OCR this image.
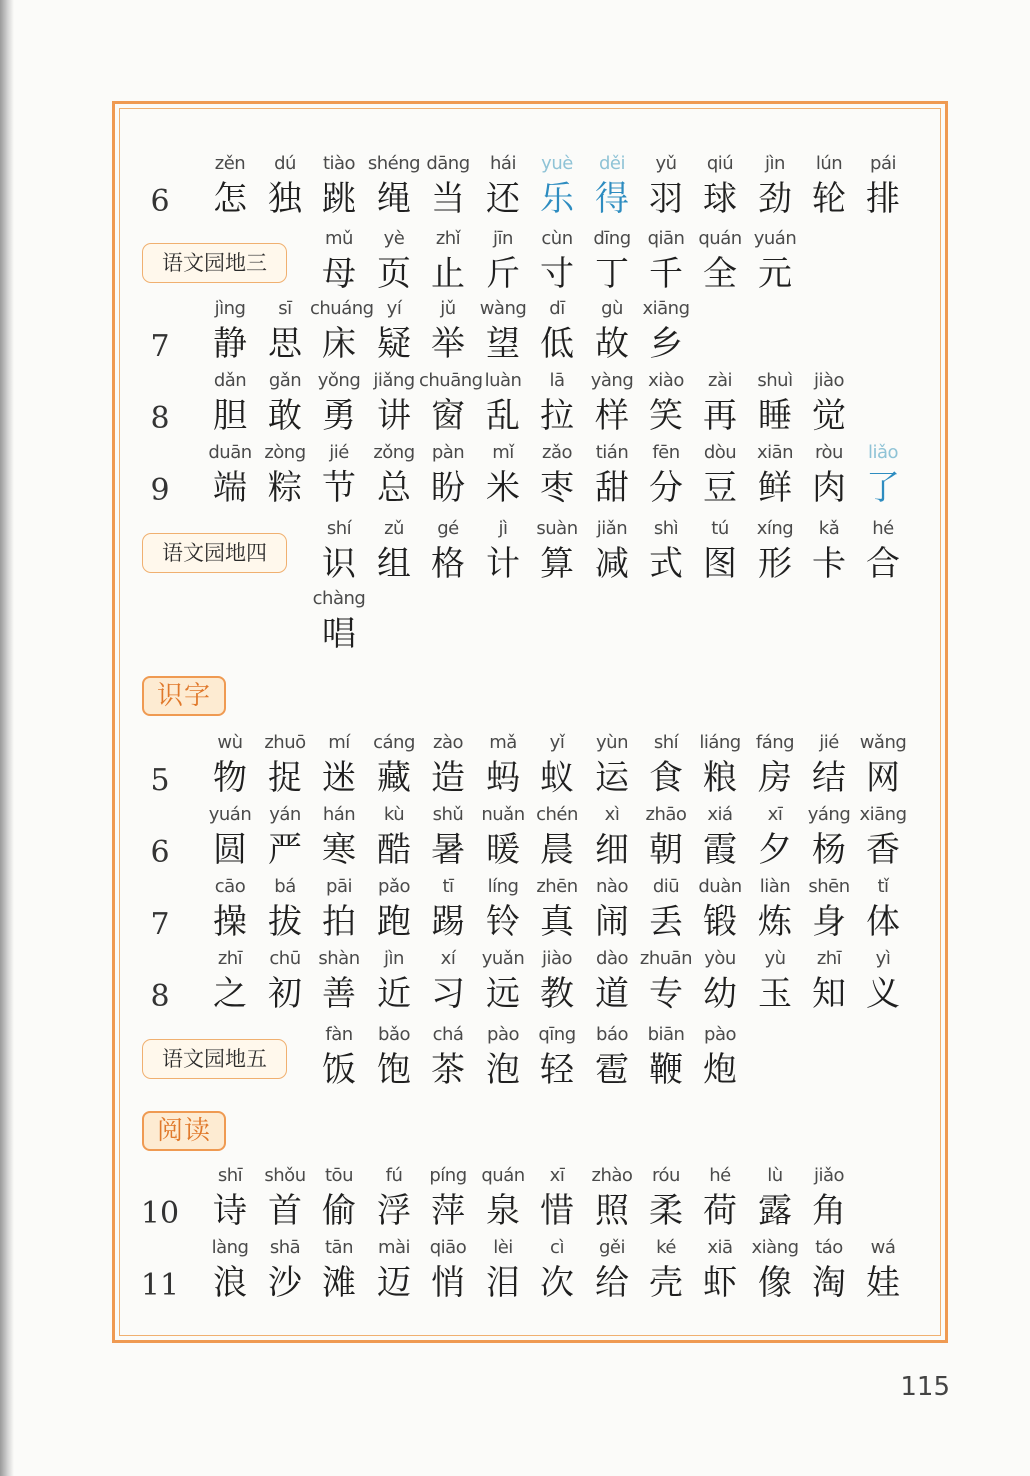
6
zěn
怎
dú
独
tiào
跳
shéng
绳
dāng
当
hái
还
yuè
乐
děi
得
yǔ
羽
qiú
球
jìn
劲
lún
轮
pái
排
语文园地三
mǔ
母
yè
页
zhǐ
止
jīn
斤
cùn
寸
dīng
丁
qiān
千
quán
全
yuán
元
7
jìng
静
sī
思
chuáng
床
yí
疑
jǔ
举
wàng
望
dī
低
gù
故
xiāng
乡
8
dǎn
胆
gǎn
敢
yǒng
勇
jiǎng
讲
chuāng
窗
luàn
乱
lā
拉
yàng
样
xiào
笑
zài
再
shuì
睡
jiào
觉
9
duān
端
zòng
粽
jié
节
zǒng
总
pàn
盼
mǐ
米
zǎo
枣
tián
甜
fēn
分
dòu
豆
xiān
鲜
ròu
肉
liǎo
了
语文园地四
shí
识
zǔ
组
gé
格
jì
计
suàn
算
jiǎn
减
shì
式
tú
图
xíng
形
kǎ
卡
hé
合
chàng
唱
识字
5
wù
物
zhuō
捉
mí
迷
cáng
藏
zào
造
mǎ
蚂
yǐ
蚁
yùn
运
shí
食
liáng
粮
fáng
房
jié
结
wǎng
网
6
yuán
圆
yán
严
hán
寒
kù
酷
shǔ
暑
nuǎn
暖
chén
晨
xì
细
zhāo
朝
xiá
霞
xī
夕
yáng
杨
xiāng
香
7
cāo
操
bá
拔
pāi
拍
pǎo
跑
tī
踢
líng
铃
zhēn
真
nào
闹
diū
丢
duàn
锻
liàn
炼
shēn
身
tǐ
体
8
zhī
之
chū
初
shàn
善
jìn
近
xí
习
yuǎn
远
jiào
教
dào
道
zhuān
专
yòu
幼
yù
玉
zhī
知
yì
义
语文园地五
fàn
饭
bǎo
饱
chá
茶
pào
泡
qīng
轻
báo
雹
biān
鞭
pào
炮
阅读
10
shī
诗
shǒu
首
tōu
偷
fú
浮
píng
萍
quán
泉
xī
惜
zhào
照
róu
柔
hé
荷
lù
露
jiǎo
角
11
làng
浪
shā
沙
tān
滩
mài
迈
qiāo
悄
lèi
泪
cì
次
gěi
给
ké
壳
xiā
虾
xiàng
像
táo
淘
wá
娃
115
